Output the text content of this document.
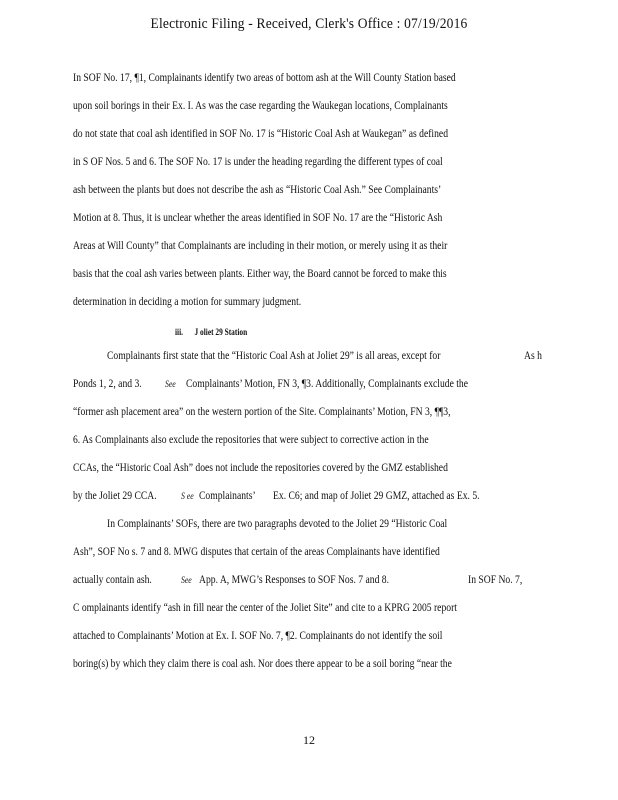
Electronic Filing - Received, Clerk's Office : 07/19/2016
In SOF No. 17, ¶1, Complainants identify two areas of bottom ash at the Will County Station based
upon soil borings in their Ex. I. As was the case regarding the Waukegan locations, Complainants
do not state that coal ash identified in SOF No. 17 is “Historic Coal Ash at Waukegan” as defined
in S OF Nos. 5 and 6. The SOF No. 17 is under the heading regarding the different types of coal
ash between the plants but does not describe the ash as “Historic Coal Ash.” See Complainants’
Motion at 8. Thus, it is unclear whether the areas identified in SOF No. 17 are the “Historic Ash
Areas at Will County” that Complainants are including in their motion, or merely using it as their
basis that the coal ash varies between plants. Either way, the Board cannot be forced to make this
determination in deciding a motion for summary judgment.
iii. J oliet 29 Station
Complainants first state that the “Historic Coal Ash at Joliet 29” is all areas, except for	As h
Ponds 1, 2, and 3.	See Complainants’ Motion, FN 3, ¶3. Additionally, Complainants exclude the
“former ash placement area” on the western portion of the Site. Complainants’ Motion, FN 3, ¶¶3,
6. As Complainants also exclude the repositories that were subject to corrective action in the
CCAs, the “Historic Coal Ash” does not include the repositories covered by the GMZ established
by the Joliet 29 CCA.	S ee Complainants’ Ex. C6; and map of Joliet 29 GMZ, attached as Ex. 5.
In Complainants’ SOFs, there are two paragraphs devoted to the Joliet 29 “Historic Coal
Ash”, SOF No s. 7 and 8. MWG disputes that certain of the areas Complainants have identified
actually contain ash.	See App. A, MWG’s Responses to SOF Nos. 7 and 8.	In SOF No. 7,
C omplainants identify “ash in fill near the center of the Joliet Site” and cite to a KPRG 2005 report
attached to Complainants’ Motion at Ex. I. SOF No. 7, ¶2. Complainants do not identify the soil
boring(s) by which they claim there is coal ash. Nor does there appear to be a soil boring “near the
12
